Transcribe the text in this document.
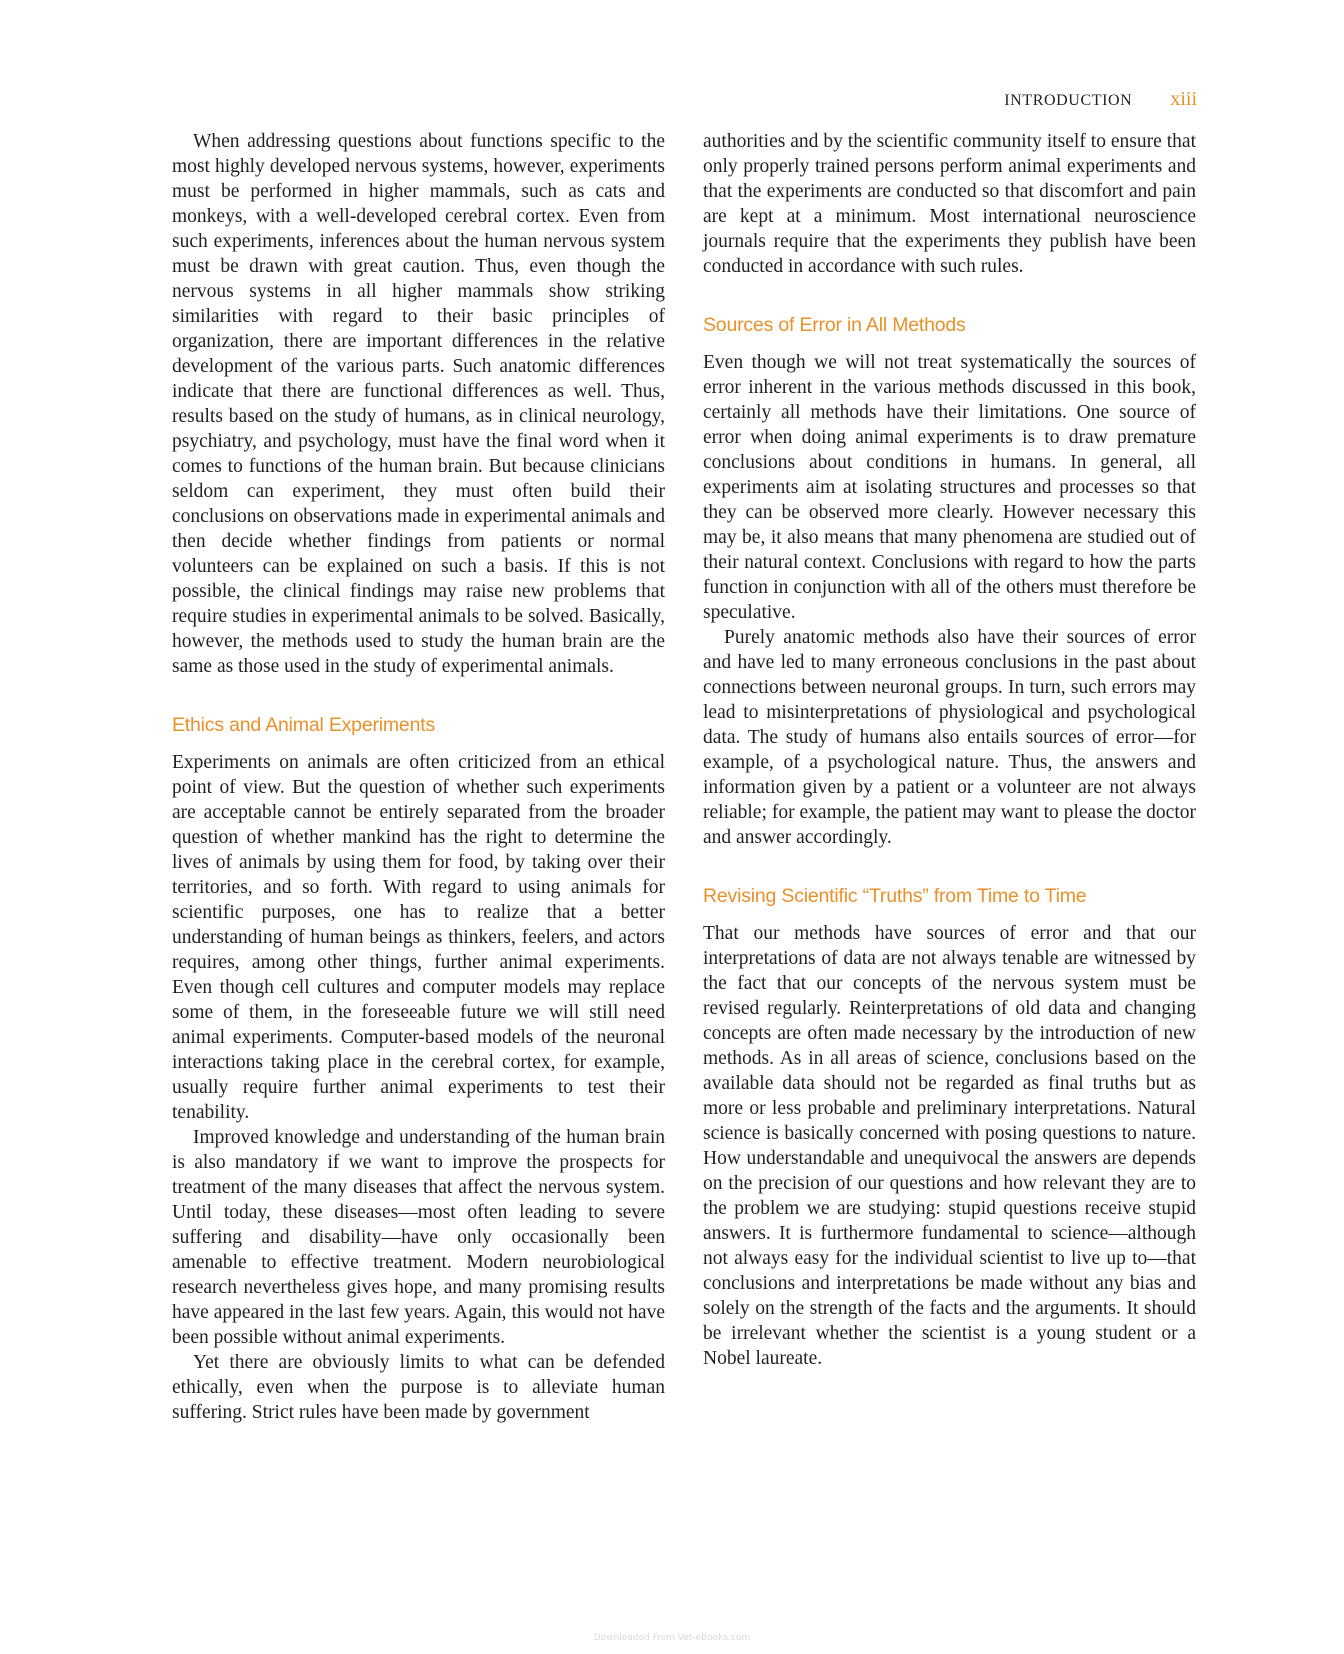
INTRODUCTION xiii

When addressing questions about functions specific to the most highly developed nervous systems, however, experiments must be performed in higher mammals, such as cats and monkeys, with a well-developed cerebral cortex. Even from such experiments, inferences about the human nervous system must be drawn with great caution. Thus, even though the nervous systems in all higher mammals show striking similarities with regard to their basic principles of organization, there are important differences in the relative development of the various parts. Such anatomic differences indicate that there are functional differences as well. Thus, results based on the study of humans, as in clinical neurology, psychiatry, and psychology, must have the final word when it comes to functions of the human brain. But because clinicians seldom can experiment, they must often build their conclusions on observations made in experimental animals and then decide whether findings from patients or normal volunteers can be explained on such a basis. If this is not possible, the clinical findings may raise new problems that require studies in experimental animals to be solved. Basically, however, the methods used to study the human brain are the same as those used in the study of experimental animals.

Ethics and Animal Experiments

Experiments on animals are often criticized from an ethical point of view. But the question of whether such experiments are acceptable cannot be entirely separated from the broader question of whether mankind has the right to determine the lives of animals by using them for food, by taking over their territories, and so forth. With regard to using animals for scientific purposes, one has to realize that a better understanding of human beings as thinkers, feelers, and actors requires, among other things, further animal experiments. Even though cell cultures and computer models may replace some of them, in the foreseeable future we will still need animal experiments. Computer-based models of the neuronal interactions taking place in the cerebral cortex, for example, usually require further animal experiments to test their tenability.

Improved knowledge and understanding of the human brain is also mandatory if we want to improve the prospects for treatment of the many diseases that affect the nervous system. Until today, these diseases—most often leading to severe suffering and disability—have only occasionally been amenable to effective treatment. Modern neurobiological research nevertheless gives hope, and many promising results have appeared in the last few years. Again, this would not have been possible without animal experiments.

Yet there are obviously limits to what can be defended ethically, even when the purpose is to alleviate human suffering. Strict rules have been made by government

authorities and by the scientific community itself to ensure that only properly trained persons perform animal experiments and that the experiments are conducted so that discomfort and pain are kept at a minimum. Most international neuroscience journals require that the experiments they publish have been conducted in accordance with such rules.

Sources of Error in All Methods

Even though we will not treat systematically the sources of error inherent in the various methods discussed in this book, certainly all methods have their limitations. One source of error when doing animal experiments is to draw premature conclusions about conditions in humans. In general, all experiments aim at isolating structures and processes so that they can be observed more clearly. However necessary this may be, it also means that many phenomena are studied out of their natural context. Conclusions with regard to how the parts function in conjunction with all of the others must therefore be speculative.

Purely anatomic methods also have their sources of error and have led to many erroneous conclusions in the past about connections between neuronal groups. In turn, such errors may lead to misinterpretations of physiological and psychological data. The study of humans also entails sources of error—for example, of a psychological nature. Thus, the answers and information given by a patient or a volunteer are not always reliable; for example, the patient may want to please the doctor and answer accordingly.

Revising Scientific “Truths” from Time to Time

That our methods have sources of error and that our interpretations of data are not always tenable are witnessed by the fact that our concepts of the nervous system must be revised regularly. Reinterpretations of old data and changing concepts are often made necessary by the introduction of new methods. As in all areas of science, conclusions based on the available data should not be regarded as final truths but as more or less probable and preliminary interpretations. Natural science is basically concerned with posing questions to nature. How understandable and unequivocal the answers are depends on the precision of our questions and how relevant they are to the problem we are studying: stupid questions receive stupid answers. It is furthermore fundamental to science—although not always easy for the individual scientist to live up to—that conclusions and interpretations be made without any bias and solely on the strength of the facts and the arguments. It should be irrelevant whether the scientist is a young student or a Nobel laureate.

Downloaded From Vet-eBooks.com
